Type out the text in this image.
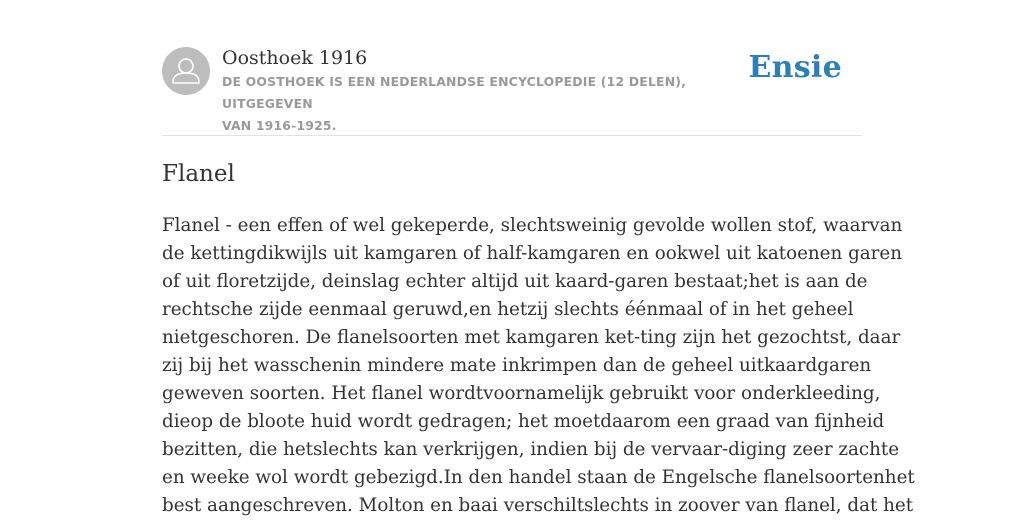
Oosthoek 1916
DE OOSTHOEK IS EEN NEDERLANDSE ENCYCLOPEDIE (12 DELEN), UITGEGEVEN
VAN 1916-1925.
Ensie
Flanel
Flanel - een effen of wel gekeperde, slechtsweinig gevolde wollen stof, waarvan
de kettingdikwijls uit kamgaren of half-kamgaren en ookwel uit katoenen garen
of uit floretzijde, deinslag echter altijd uit kaard-garen bestaat;het is aan de
rechtsche zijde eenmaal geruwd,en hetzij slechts éénmaal of in het geheel
nietgeschoren. De flanelsoorten met kamgaren ket-ting zijn het gezochtst, daar
zij bij het wasschenin mindere mate inkrimpen dan de geheel uitkaardgaren
geweven soorten. Het flanel wordtvoornamelijk gebruikt voor onderkleeding,
dieop de bloote huid wordt gedragen; het moetdaarom een graad van fijnheid
bezitten, die hetslechts kan verkrijgen, indien bij de vervaar-diging zeer zachte
en weeke wol wordt gebezigd.In den handel staan de Engelsche flanelsoortenhet
best aangeschreven. Molton en baai verschiltslechts in zoover van flanel, dat het
